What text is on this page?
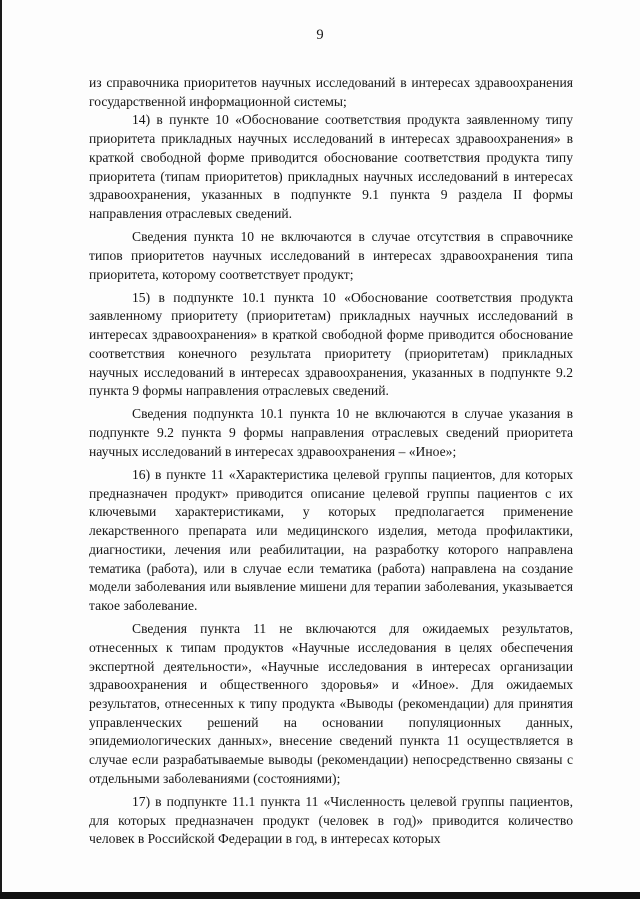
9

из справочника приоритетов научных исследований в интересах здравоохранения государственной информационной системы;

14) в пункте 10 «Обоснование соответствия продукта заявленному типу приоритета прикладных научных исследований в интересах здравоохранения» в краткой свободной форме приводится обоснование соответствия продукта типу приоритета (типам приоритетов) прикладных научных исследований в интересах здравоохранения, указанных в подпункте 9.1 пункта 9 раздела II формы направления отраслевых сведений.

Сведения пункта 10 не включаются в случае отсутствия в справочнике типов приоритетов научных исследований в интересах здравоохранения типа приоритета, которому соответствует продукт;

15) в подпункте 10.1 пункта 10 «Обоснование соответствия продукта заявленному приоритету (приоритетам) прикладных научных исследований в интересах здравоохранения» в краткой свободной форме приводится обоснование соответствия конечного результата приоритету (приоритетам) прикладных научных исследований в интересах здравоохранения, указанных в подпункте 9.2 пункта 9 формы направления отраслевых сведений.

Сведения подпункта 10.1 пункта 10 не включаются в случае указания в подпункте 9.2 пункта 9 формы направления отраслевых сведений приоритета научных исследований в интересах здравоохранения – «Иное»;

16) в пункте 11 «Характеристика целевой группы пациентов, для которых предназначен продукт» приводится описание целевой группы пациентов с их ключевыми характеристиками, у которых предполагается применение лекарственного препарата или медицинского изделия, метода профилактики, диагностики, лечения или реабилитации, на разработку которого направлена тематика (работа), или в случае если тематика (работа) направлена на создание модели заболевания или выявление мишени для терапии заболевания, указывается такое заболевание.

Сведения пункта 11 не включаются для ожидаемых результатов, отнесенных к типам продуктов «Научные исследования в целях обеспечения экспертной деятельности», «Научные исследования в интересах организации здравоохранения и общественного здоровья» и «Иное». Для ожидаемых результатов, отнесенных к типу продукта «Выводы (рекомендации) для принятия управленческих решений на основании популяционных данных, эпидемиологических данных», внесение сведений пункта 11 осуществляется в случае если разрабатываемые выводы (рекомендации) непосредственно связаны с отдельными заболеваниями (состояниями);

17) в подпункте 11.1 пункта 11 «Численность целевой группы пациентов, для которых предназначен продукт (человек в год)» приводится количество человек в Российской Федерации в год, в интересах которых
